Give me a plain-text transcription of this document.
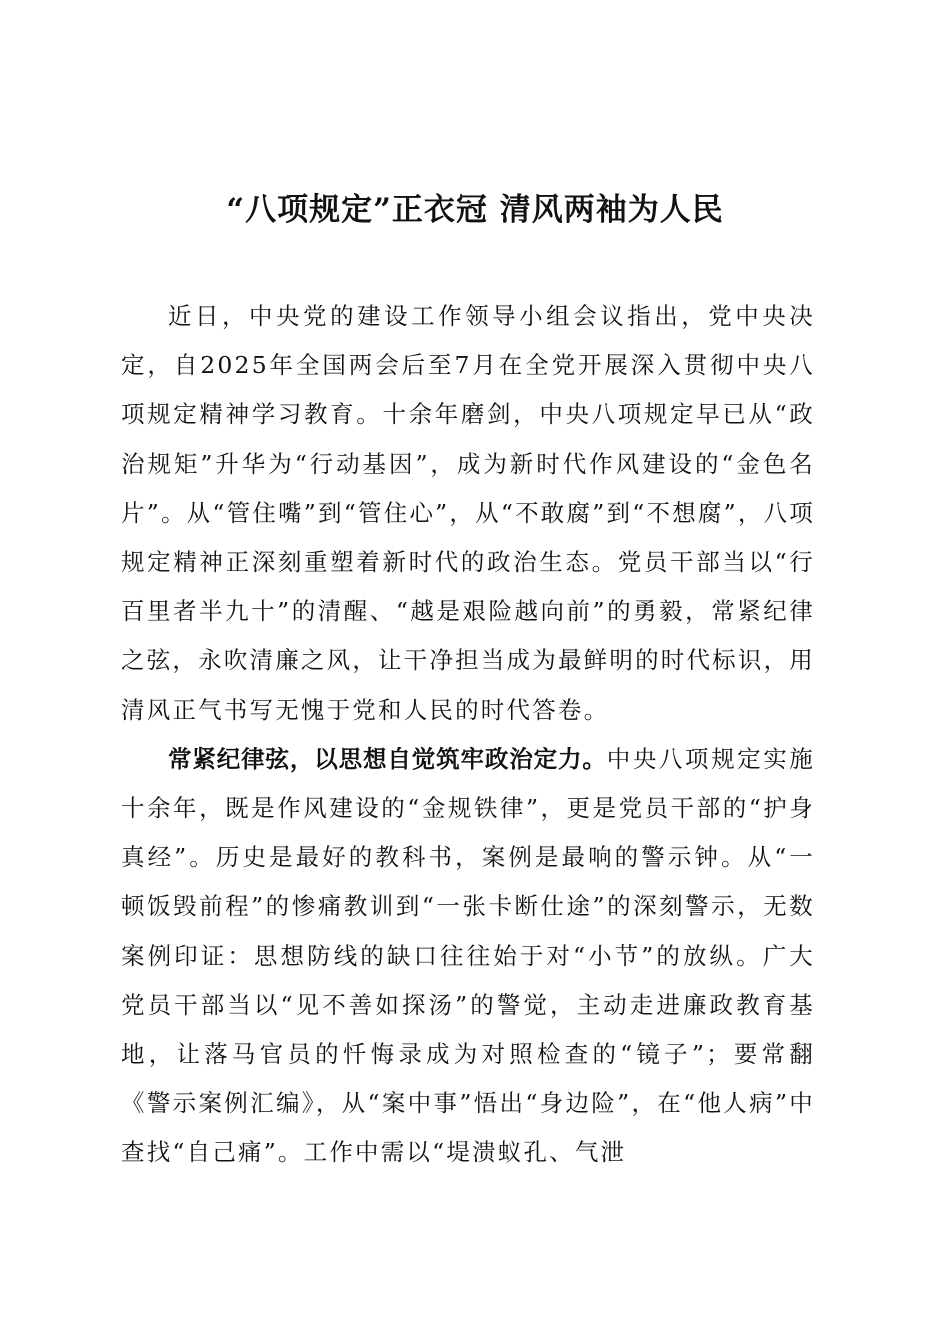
“八项规定”正衣冠 清风两袖为人民

近日，中央党的建设工作领导小组会议指出，党中央决定，自2025年全国两会后至7月在全党开展深入贯彻中央八项规定精神学习教育。十余年磨剑，中央八项规定早已从“政治规矩”升华为“行动基因”，成为新时代作风建设的“金色名片”。从“管住嘴”到“管住心”，从“不敢腐”到“不想腐”，八项规定精神正深刻重塑着新时代的政治生态。党员干部当以“行百里者半九十”的清醒、“越是艰险越向前”的勇毅，常紧纪律之弦，永吹清廉之风，让干净担当成为最鲜明的时代标识，用清风正气书写无愧于党和人民的时代答卷。

常紧纪律弦，以思想自觉筑牢政治定力。中央八项规定实施十余年，既是作风建设的“金规铁律”，更是党员干部的“护身真经”。历史是最好的教科书，案例是最响的警示钟。从“一顿饭毁前程”的惨痛教训到“一张卡断仕途”的深刻警示，无数案例印证：思想防线的缺口往往始于对“小节”的放纵。广大党员干部当以“见不善如探汤”的警觉，主动走进廉政教育基地，让落马官员的忏悔录成为对照检查的“镜子”；要常翻《警示案例汇编》，从“案中事”悟出“身边险”，在“他人病”中查找“自己痛”。工作中需以“堤溃蚁孔、气泄
